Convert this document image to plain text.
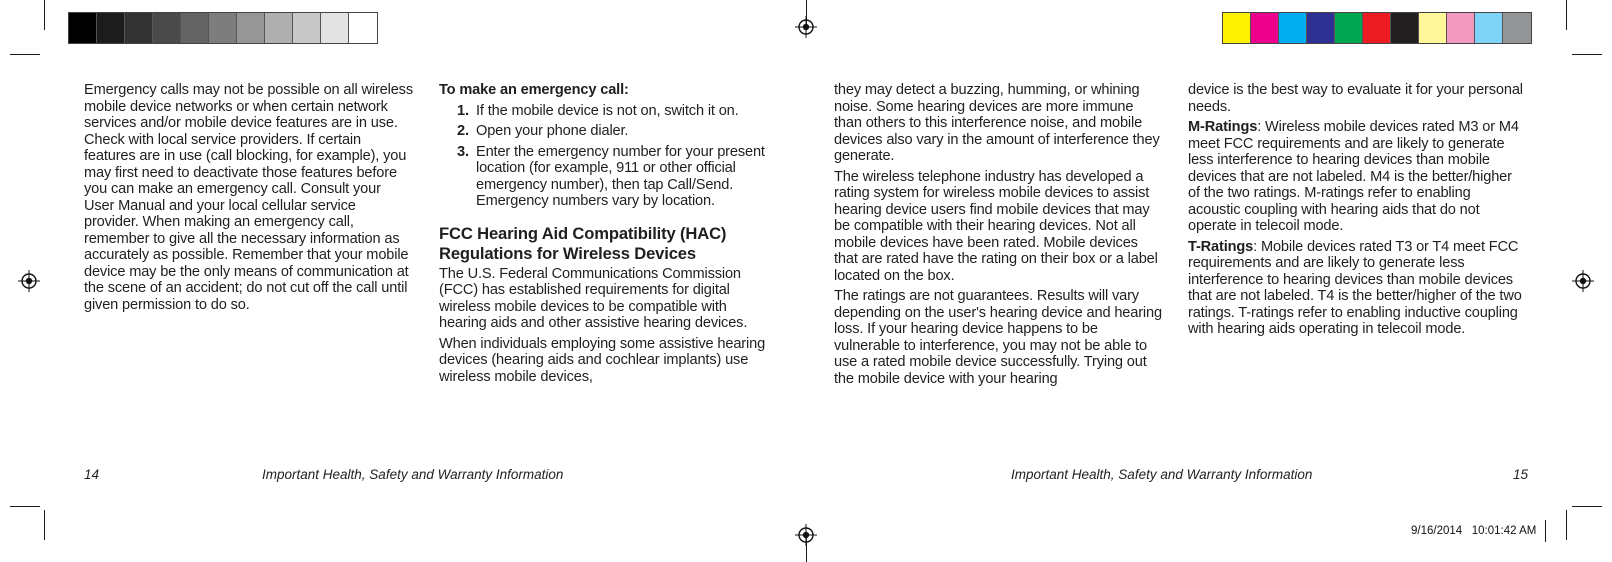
Emergency calls may not be possible on all wireless mobile device networks or when certain network services and/or mobile device features are in use. Check with local service providers. If certain features are in use (call blocking, for example), you may first need to deactivate those features before you can make an emergency call. Consult your User Manual and your local cellular service provider. When making an emergency call, remember to give all the necessary information as accurately as possible. Remember that your mobile device may be the only means of communication at the scene of an accident; do not cut off the call until given permission to do so.

To make an emergency call:
1. If the mobile device is not on, switch it on.
2. Open your phone dialer.
3. Enter the emergency number for your present location (for example, 911 or other official emergency number), then tap Call/Send. Emergency numbers vary by location.
FCC Hearing Aid Compatibility (HAC) Regulations for Wireless Devices

The U.S. Federal Communications Commission (FCC) has established requirements for digital wireless mobile devices to be compatible with hearing aids and other assistive hearing devices.

When individuals employing some assistive hearing devices (hearing aids and cochlear implants) use wireless mobile devices,

they may detect a buzzing, humming, or whining noise. Some hearing devices are more immune than others to this interference noise, and mobile devices also vary in the amount of interference they generate.

The wireless telephone industry has developed a rating system for wireless mobile devices to assist hearing device users find mobile devices that may be compatible with their hearing devices. Not all mobile devices have been rated. Mobile devices that are rated have the rating on their box or a label located on the box.

The ratings are not guarantees. Results will vary depending on the user's hearing device and hearing loss. If your hearing device happens to be vulnerable to interference, you may not be able to use a rated mobile device successfully. Trying out the mobile device with your hearing

device is the best way to evaluate it for your personal needs.

M-Ratings: Wireless mobile devices rated M3 or M4 meet FCC requirements and are likely to generate less interference to hearing devices than mobile devices that are not labeled. M4 is the better/higher of the two ratings. M-ratings refer to enabling acoustic coupling with hearing aids that do not operate in telecoil mode.

T-Ratings: Mobile devices rated T3 or T4 meet FCC requirements and are likely to generate less interference to hearing devices than mobile devices that are not labeled. T4 is the better/higher of the two ratings. T-ratings refer to enabling inductive coupling with hearing aids operating in telecoil mode.

14	Important Health, Safety and Warranty Information	Important Health, Safety and Warranty Information	15
9/16/2014   10:01:42 AM
